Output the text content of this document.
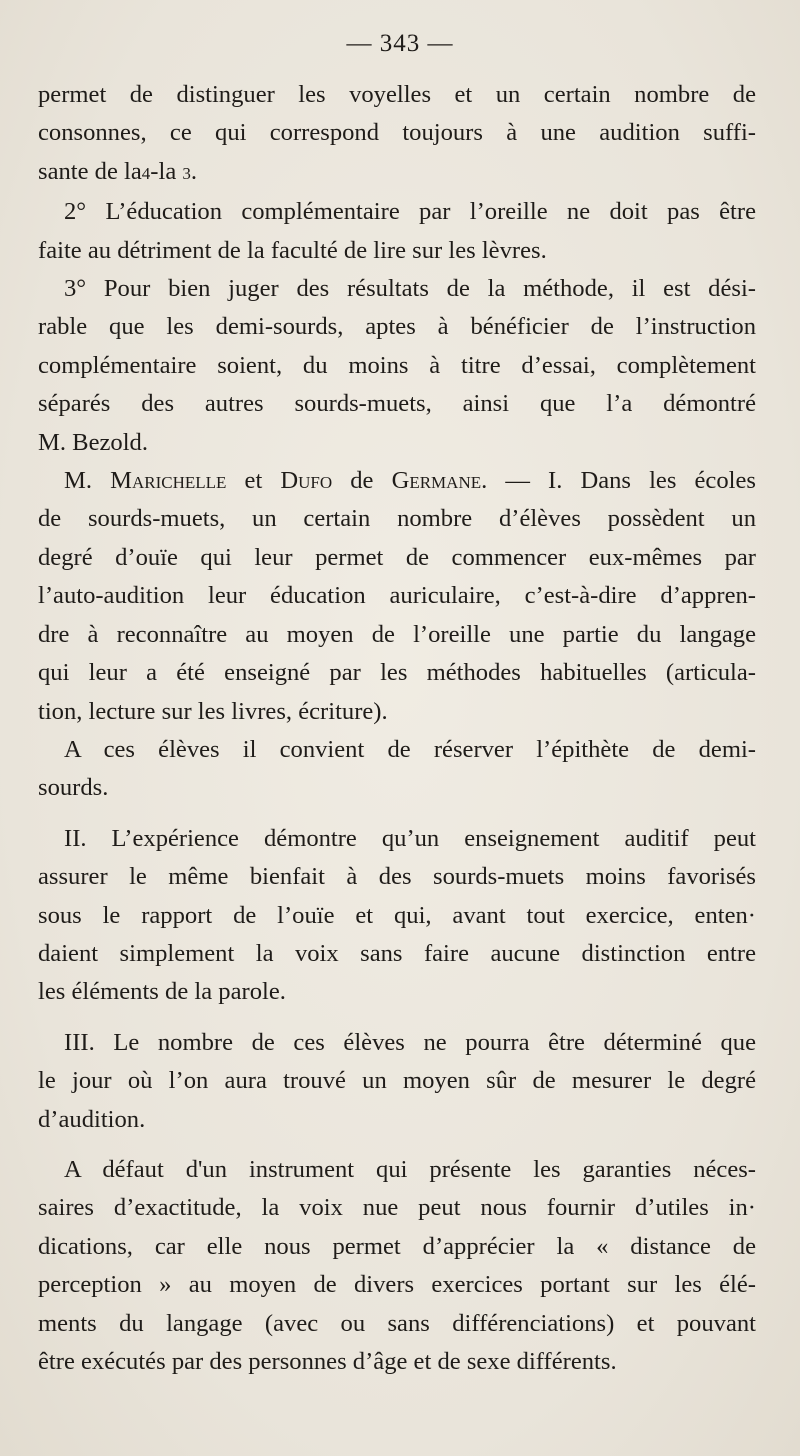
— 343 —

permet de distinguer les voyelles et un certain nombre de

consonnes, ce qui correspond toujours à une audition suffi-

sante de la4-la 3.

2° L’éducation complémentaire par l’oreille ne doit pas être

faite au détriment de la faculté de lire sur les lèvres.

3° Pour bien juger des résultats de la méthode, il est dési-

rable que les demi-sourds, aptes à bénéficier de l’instruction

complémentaire soient, du moins à titre d’essai, complètement

séparés des autres sourds-muets, ainsi que l’a démontré

M. Bezold.

M. Marichelle et Dufo de Germane. — I. Dans les écoles

de sourds-muets, un certain nombre d’élèves possèdent un

degré d’ouïe qui leur permet de commencer eux-mêmes par

l’auto-audition leur éducation auriculaire, c’est-à-dire d’appren-

dre à reconnaître au moyen de l’oreille une partie du langage

qui leur a été enseigné par les méthodes habituelles (articula-

tion, lecture sur les livres, écriture).

A ces élèves il convient de réserver l’épithète de demi-

sourds.

II. L’expérience démontre qu’un enseignement auditif peut

assurer le même bienfait à des sourds-muets moins favorisés

sous le rapport de l’ouïe et qui, avant tout exercice, enten·

daient simplement la voix sans faire aucune distinction entre

les éléments de la parole.

III. Le nombre de ces élèves ne pourra être déterminé que

le jour où l’on aura trouvé un moyen sûr de mesurer le degré

d’audition.

A défaut d'un instrument qui présente les garanties néces-

saires d’exactitude, la voix nue peut nous fournir d’utiles in·

dications, car elle nous permet d’apprécier la « distance de

perception » au moyen de divers exercices portant sur les élé-

ments du langage (avec ou sans différenciations) et pouvant

être exécutés par des personnes d’âge et de sexe différents.
